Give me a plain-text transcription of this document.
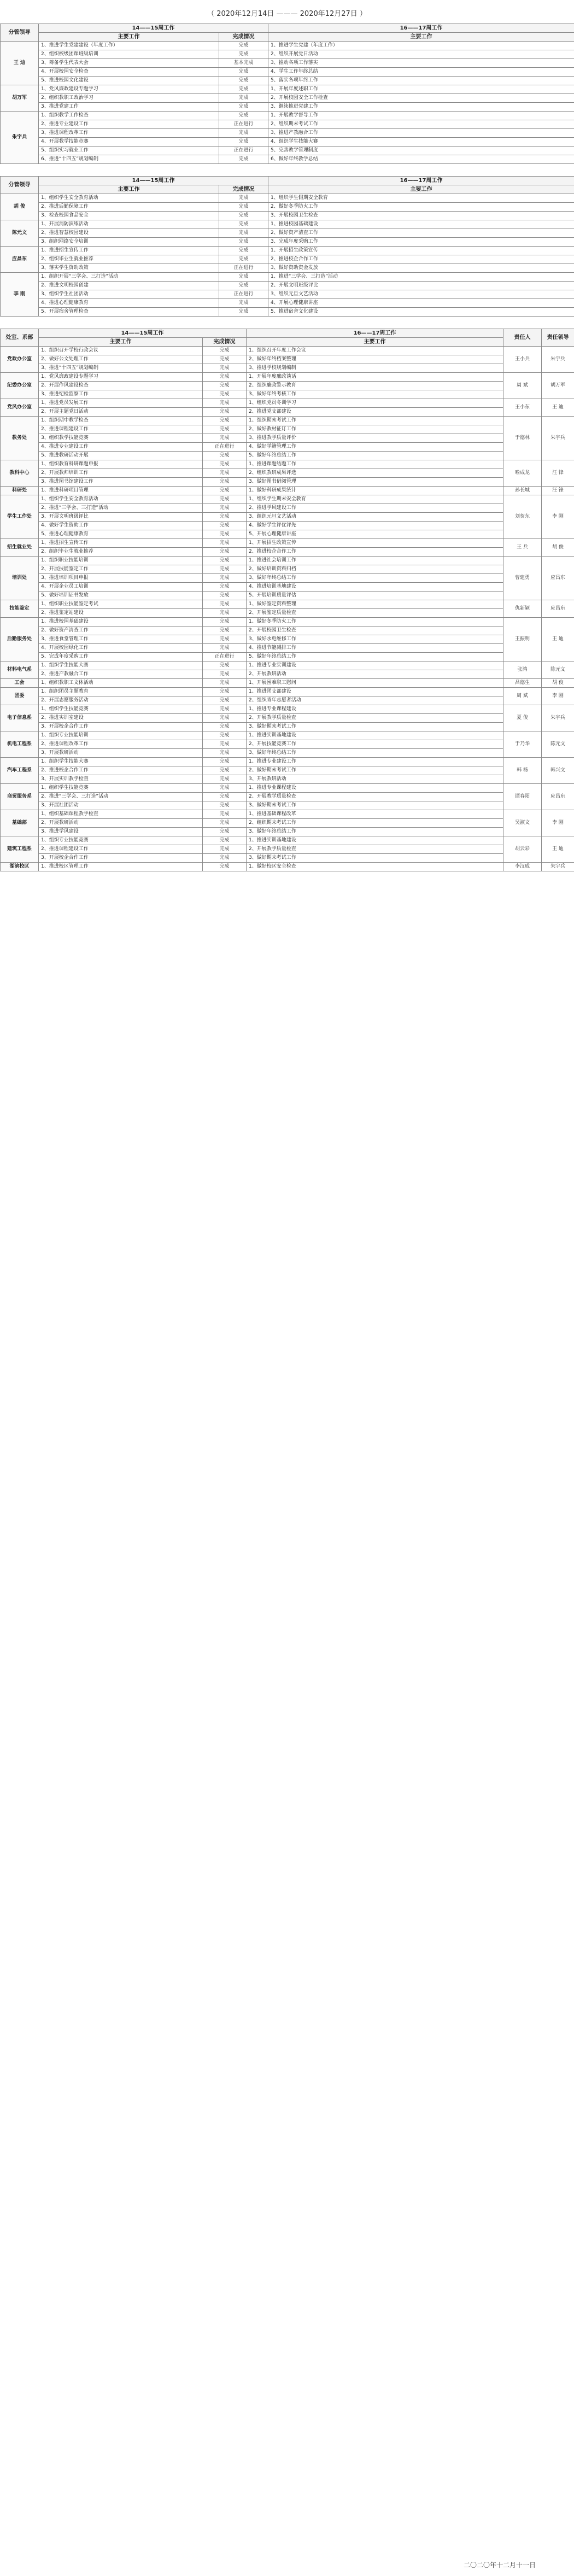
（ 2020年12月14日 ——— 2020年12月27日 ）
分管领导	14——15周工作		16——17周工作
	主要工作	完成情况	主要工作
王 迪	1、推进学生党建建设（年度工作）	完成	1、推进学生党建（年度工作）
	2、组织校级团课班级培训	完成	2、组织开展党日活动
	3、筹备学生代表大会	基本完成	3、推动各项工作落实
	4、开展校园安全检查	完成	4、学生工作年终总结
	5、推进校园文化建设	完成	5、落实各项年终工作
胡万军	1、党风廉政建设专题学习	完成	1、开展年度述职工作
	2、组织教职工政治学习	完成	2、开展校园安全工作检查
	3、推进党建工作	完成	3、继续推进党建工作
朱宇兵	1、组织教学工作检查	完成	1、开展教学督导工作
	2、推进专业建设工作	正在进行	2、组织期末考试工作
	3、推进课程改革工作	完成	3、推进产教融合工作
	4、开展教学技能竞赛	完成	4、组织学生技能大赛
	5、组织实习就业工作	正在进行	5、完善教学管理制度
	6、推进“十四五”规划编制	完成	6、做好年终教学总结
分管领导	14——15周工作		16——17周工作
	主要工作	完成情况	主要工作
胡 俊	1、组织学生安全教育活动	完成	1、组织学生假期安全教育
	2、推进后勤保障工作	完成	2、做好冬季防火工作
	3、检查校园食品安全	完成	3、开展校园卫生检查
陈元文	1、开展消防演练活动	完成	1、推进校园基础建设
	2、推进智慧校园建设	完成	2、做好资产清查工作
	3、组织网络安全培训	完成	3、完成年度采购工作
应昌东	1、推进招生宣传工作	完成	1、开展招生政策宣传
	2、组织毕业生就业推荐	完成	2、推进校企合作工作
	3、落实学生资助政策	正在进行	3、做好资助资金发放
李 刚	1、组织开展“三学会、三打造”活动	完成	1、推进“三学会、三打造”活动
	2、推进文明校园创建	完成	2、开展文明班级评比
	3、组织学生社团活动	正在进行	3、组织元旦文艺活动
	4、推进心理健康教育	完成	4、开展心理健康讲座
	5、开展宿舍管理检查	完成	5、推进宿舍文化建设
处室、系部	14——15周工作		16——17周工作	责任人	责任领导
	主要工作	完成情况	主要工作		
党政办公室	1、组织召开学校行政会议	完成	1、组织召开年度工作会议	王小兵	朱宇兵
	2、做好公文处理工作	完成	2、做好年终档案整理		
	3、推进“十四五”规划编制	完成	3、推进学校规划编制		
纪委办公室	1、党风廉政建设专题学习	完成	1、开展年度廉政谈话	周 斌	胡万军
	2、开展作风建设检查	完成	2、组织廉政警示教育		
	3、推进纪检监察工作	完成	3、做好年终考核工作		
党风办公室	1、推进党员发展工作	完成	1、组织党员冬训学习	王小东	王 迪
	2、开展主题党日活动	完成	2、推进党支部建设		
教务处	1、组织期中教学检查	完成	1、组织期末考试工作	于德林	朱宇兵
	2、推进课程建设工作	完成	2、做好教材征订工作		
	3、组织教学技能竞赛	完成	3、推进教学质量评价		
	4、推进专业建设工作	正在进行	4、做好学籍管理工作		
	5、推进教研活动开展	完成	5、做好年终总结工作		
教科中心	1、组织教育科研课题申报	完成	1、推进课题结题工作	喻成龙	汪 锋
	2、开展教师培训工作	完成	2、组织教研成果评选		
	3、推进图书馆建设工作	完成	3、做好图书借阅管理		
科研处	1、推进科研项目管理	完成	1、做好科研成果统计	孙长城	汪 锋
学生工作处	1、组织学生安全教育活动	完成	1、组织学生期末安全教育	刘贺东	李 刚
	2、推进“三学会、三打造”活动	完成	2、推进学风建设工作		
	3、开展文明班级评比	完成	3、组织元旦文艺活动		
	4、做好学生资助工作	完成	4、做好学生评优评先		
	5、推进心理健康教育	完成	5、开展心理健康讲座		
招生就业处	1、推进招生宣传工作	完成	1、开展招生政策宣传	王 兵	胡 俊
	2、组织毕业生就业推荐	完成	2、推进校企合作工作		
培训处	1、组织职业技能培训	完成	1、推进社会培训工作	曹建勇	应昌东
	2、开展技能鉴定工作	完成	2、做好培训资料归档		
	3、推进培训项目申报	完成	3、做好年终总结工作		
	4、开展企业员工培训	完成	4、推进培训基地建设		
	5、做好培训证书发放	完成	5、开展培训质量评估		
技能鉴定	1、组织职业技能鉴定考试	完成	1、做好鉴定资料整理	仇新颖	应昌东
	2、推进鉴定站建设	完成	2、开展鉴定质量检查		
后勤服务处	1、推进校园基础建设	完成	1、做好冬季防火工作	王振明	王 迪
	2、做好资产清查工作	完成	2、开展校园卫生检查		
	3、推进食堂管理工作	完成	3、做好水电维修工作		
	4、开展校园绿化工作	完成	4、推进节能减排工作		
	5、完成年度采购工作	正在进行	5、做好年终总结工作		
材料电气系	1、组织学生技能大赛	完成	1、推进专业实训建设	张鸿	陈元文
	2、推进产教融合工作	完成	2、开展教研活动		
工会	1、组织教职工文体活动	完成	1、开展困难职工慰问	吕德生	胡 俊
团委	1、组织团员主题教育	完成	1、推进团支部建设	周 斌	李 刚
	2、开展志愿服务活动	完成	2、组织青年志愿者活动		
电子信息系	1、组织学生技能竞赛	完成	1、推进专业课程建设	夏 俊	朱宇兵
	2、推进实训室建设	完成	2、开展教学质量检查		
	3、开展校企合作工作	完成	3、做好期末考试工作		
机电工程系	1、组织专业技能培训	完成	1、推进实训基地建设	于乃华	陈元文
	2、推进课程改革工作	完成	2、开展技能竞赛工作		
	3、开展教研活动	完成	3、做好年终总结工作		
汽车工程系	1、组织学生技能大赛	完成	1、推进专业建设工作	韩 杨	韩兴文
	2、推进校企合作工作	完成	2、做好期末考试工作		
	3、开展实训教学检查	完成	3、开展教研活动		
商贸服务系	1、组织学生技能竞赛	完成	1、推进专业课程建设	谭春阳	应昌东
	2、推进“三学会、三打造”活动	完成	2、开展教学质量检查		
	3、开展社团活动	完成	3、做好期末考试工作		
基础部	1、组织基础课程教学检查	完成	1、推进基础课程改革	吴淑文	李 刚
	2、开展教研活动	完成	2、组织期末考试工作		
	3、推进学风建设	完成	3、做好年终总结工作		
建筑工程系	1、组织专业技能竞赛	完成	1、推进实训基地建设	胡云彩	王 迪
	2、推进课程建设工作	完成	2、开展教学质量检查		
	3、开展校企合作工作	完成	3、做好期末考试工作		
湖滨校区	1、推进校区管理工作	完成	1、做好校区安全检查	李汉成	朱宇兵
二〇二〇年十二月十一日
